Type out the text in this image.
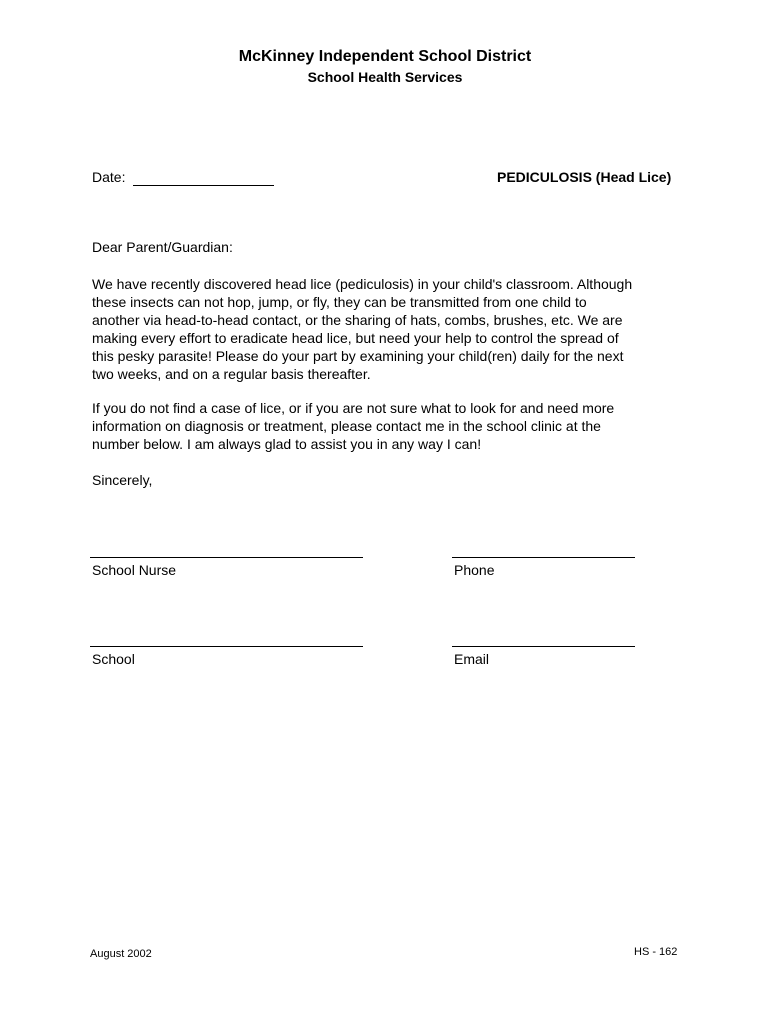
McKinney Independent School District
School Health Services
Date:	PEDICULOSIS (Head Lice)
Dear Parent/Guardian:
We have recently discovered head lice (pediculosis) in your child's classroom. Although
these insects can not hop, jump, or fly, they can be transmitted from one child to
another via head-to-head contact, or the sharing of hats, combs, brushes, etc. We are
making every effort to eradicate head lice, but need your help to control the spread of
this pesky parasite! Please do your part by examining your child(ren) daily for the next
two weeks, and on a regular basis thereafter.
If you do not find a case of lice, or if you are not sure what to look for and need more
information on diagnosis or treatment, please contact me in the school clinic at the
number below. I am always glad to assist you in any way I can!
Sincerely,
School Nurse	Phone
School	Email
August 2002	HS - 162
